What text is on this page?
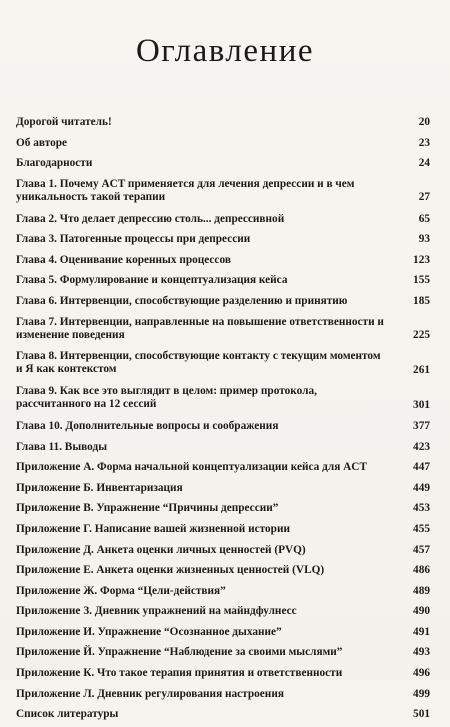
Оглавление
Дорогой читатель!	20
Об авторе	23
Благодарности	24
Глава 1. Почему ACT применяется для лечения депрессии и в чем уникальность такой терапии	27
Глава 2. Что делает депрессию столь... депрессивной	65
Глава 3. Патогенные процессы при депрессии	93
Глава 4. Оценивание коренных процессов	123
Глава 5. Формулирование и концептуализация кейса	155
Глава 6. Интервенции, способствующие разделению и принятию	185
Глава 7. Интервенции, направленные на повышение ответственности и изменение поведения	225
Глава 8. Интервенции, способствующие контакту с текущим моментом и Я как контекстом	261
Глава 9. Как все это выглядит в целом: пример протокола, рассчитанного на 12 сессий	301
Глава 10. Дополнительные вопросы и соображения	377
Глава 11. Выводы	423
Приложение А. Форма начальной концептуализации кейса для ACT	447
Приложение Б. Инвентаризация	449
Приложение В. Упражнение “Причины депрессии”	453
Приложение Г. Написание вашей жизненной истории	455
Приложение Д. Анкета оценки личных ценностей (PVQ)	457
Приложение Е. Анкета оценки жизненных ценностей (VLQ)	486
Приложение Ж. Форма “Цели-действия”	489
Приложение З. Дневник упражнений на майндфулнесс	490
Приложение И. Упражнение “Осознанное дыхание”	491
Приложение Й. Упражнение “Наблюдение за своими мыслями”	493
Приложение К. Что такое терапия принятия и ответственности	496
Приложение Л. Дневник регулирования настроения	499
Список литературы	501
